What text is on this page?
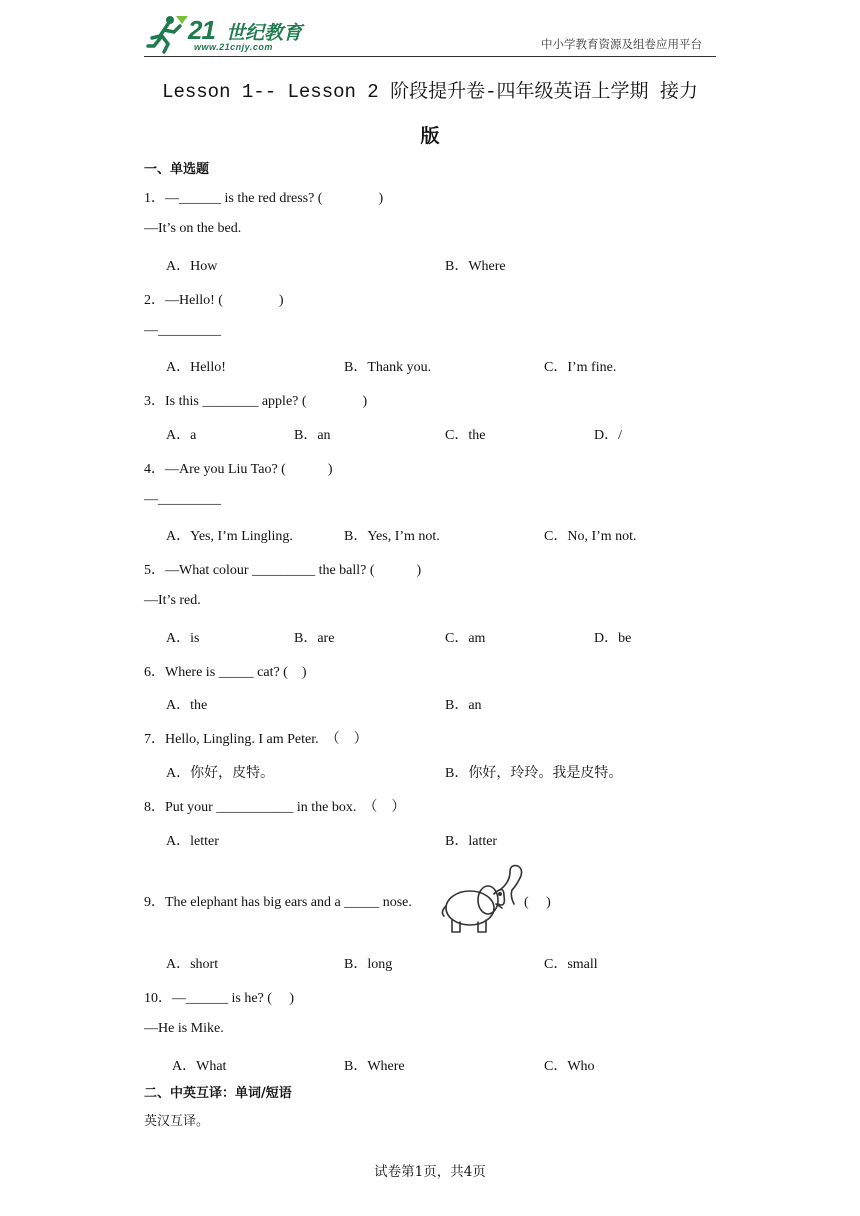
21 世纪教育
www.21cnjy.com	中小学教育资源及组卷应用平台
Lesson 1-- Lesson 2 阶段提升卷-四年级英语上学期 接力
版
一、单选题
1．—______ is the red dress? (　　　　)
—It’s on the bed.
A．How	B．Where
2．—Hello! (　　　　)
—_________
A．Hello!	B．Thank you.	C．I’m fine.
3．Is this ________ apple? (　　　　)
A．a	B．an	C．the	D．/
4．—Are you Liu Tao? (　　　)
—_________
A．Yes, I’m Lingling.	B．Yes, I’m not.	C．No, I’m not.
5．—What colour _________ the ball? (　　　)
—It’s red.
A．is	B．are	C．am	D．be
6．Where is _____ cat? (　)
A．the	B．an
7．Hello, Lingling. I am Peter.　（　）
A．你好，皮特。	B．你好，玲玲。我是皮特。
8．Put your ___________ in the box.　（　）
A．letter	B．latter
9．The elephant has big ears and a _____ nose.	(　 )
A．short	B．long	C．small
10．—______ is he? (　 )
—He is Mike.
A．What	B．Where	C．Who
二、中英互译：单词/短语
英汉互译。
试卷第1页，共4页
